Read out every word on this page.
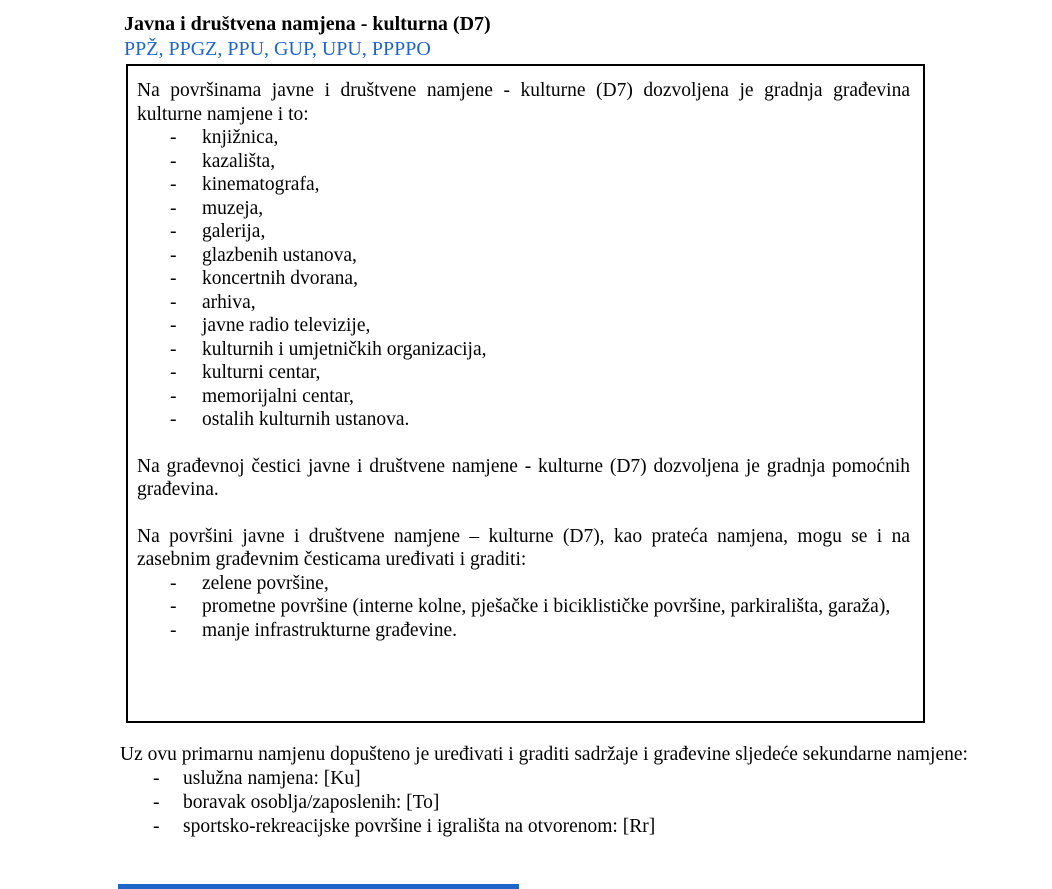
Javna i društvena namjena - kulturna (D7)
PPŽ, PPGZ, PPU, GUP, UPU, PPPPO

Na površinama javne i društvene namjene - kulturne (D7) dozvoljena je gradnja građevina kulturne namjene i to:

-	knjižnica,
-	kazališta,
-	kinematografa,
-	muzeja,
-	galerija,
-	glazbenih ustanova,
-	koncertnih dvorana,
-	arhiva,
-	javne radio televizije,
-	kulturnih i umjetničkih organizacija,
-	kulturni centar,
-	memorijalni centar,
-	ostalih kulturnih ustanova.

Na građevnoj čestici javne i društvene namjene - kulturne (D7) dozvoljena je gradnja pomoćnih građevina.

Na površini javne i društvene namjene – kulturne (D7), kao prateća namjena, mogu se i na zasebnim građevnim česticama uređivati i graditi:

-	zelene površine,
-	prometne površine (interne kolne, pješačke i biciklističke površine, parkirališta, garaža),
-	manje infrastrukturne građevine.

Uz ovu primarnu namjenu dopušteno je uređivati i graditi sadržaje i građevine sljedeće sekundarne namjene:

-	uslužna namjena: [Ku]
-	boravak osoblja/zaposlenih: [To]
-	sportsko-rekreacijske površine i igrališta na otvorenom: [Rr]
